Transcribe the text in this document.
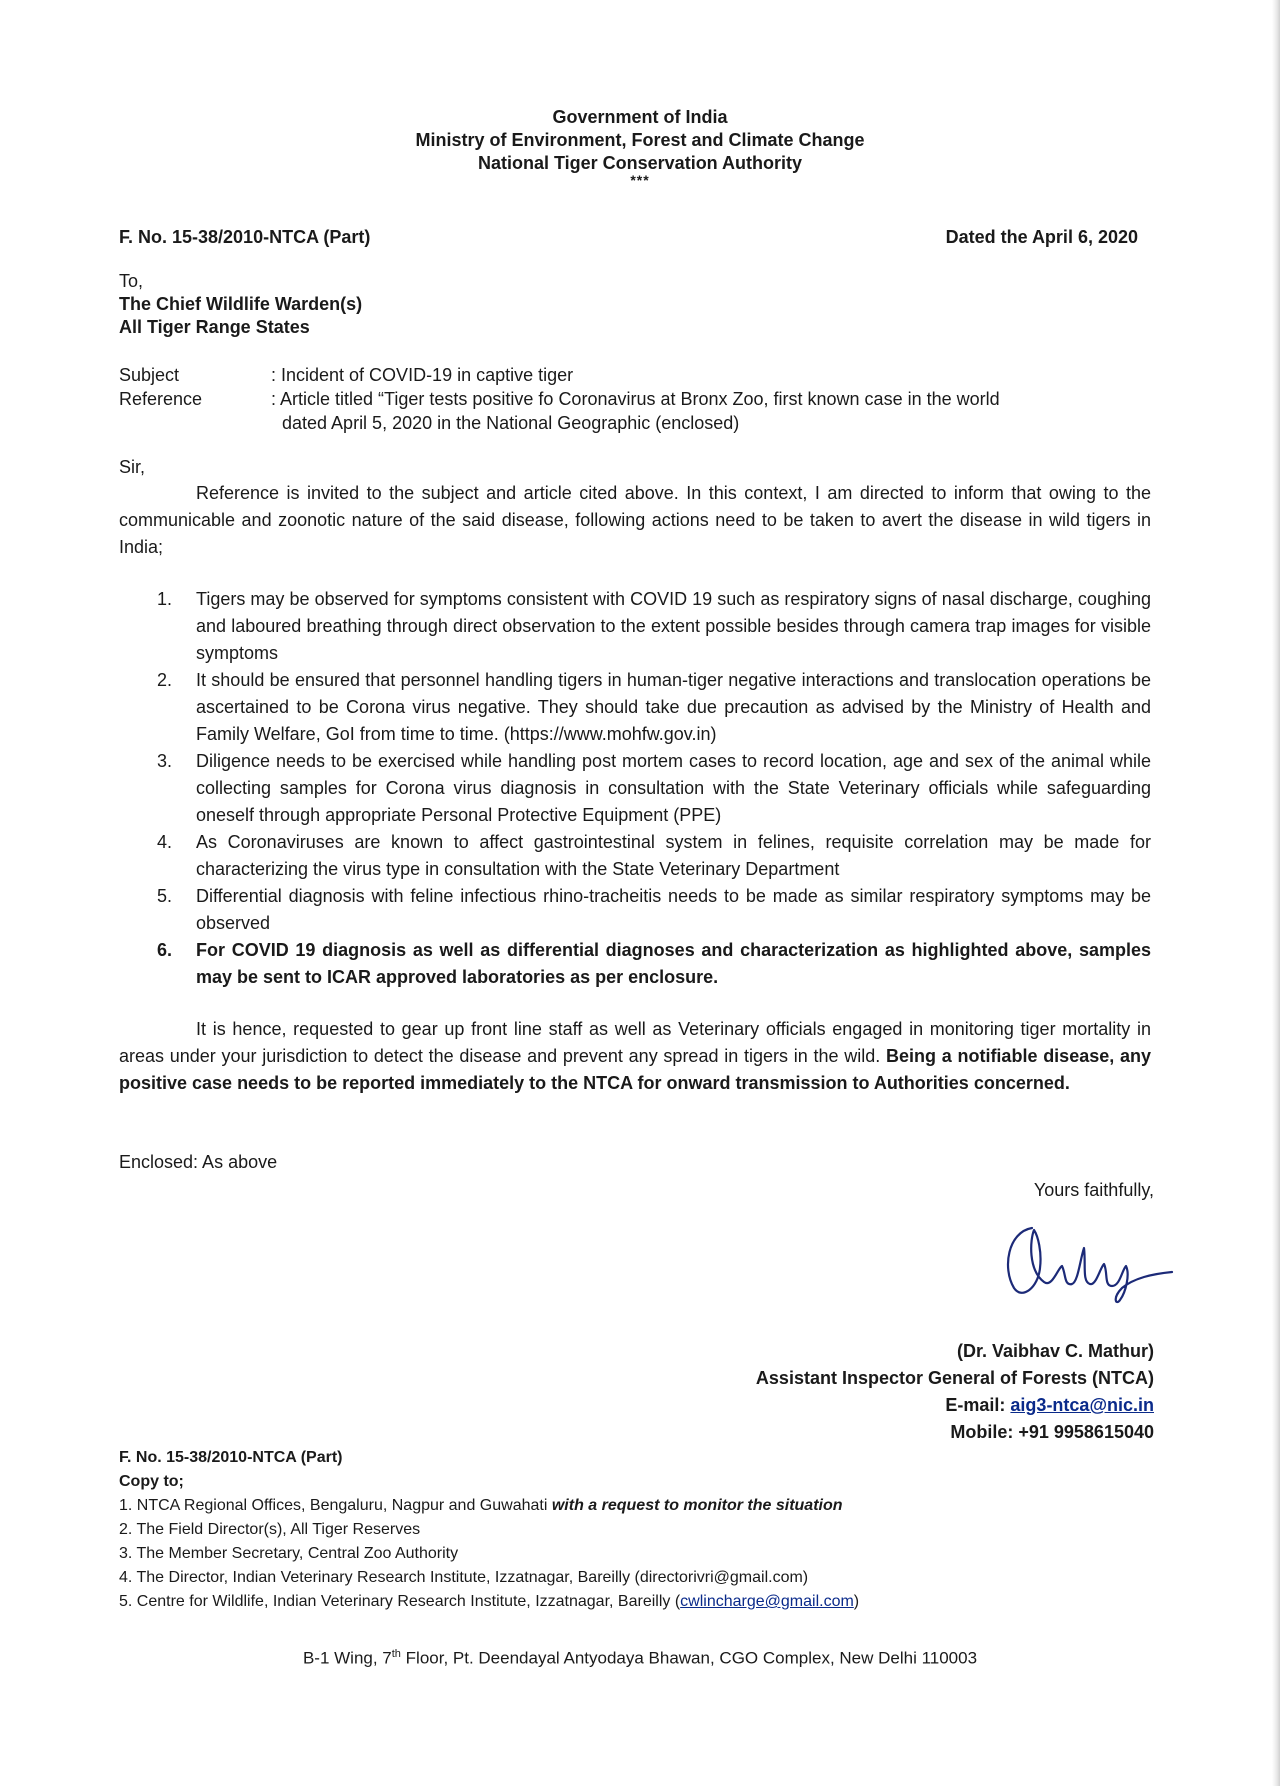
Government of India
Ministry of Environment, Forest and Climate Change
National Tiger Conservation Authority
***
F. No. 15-38/2010-NTCA (Part)	Dated the April 6, 2020
To,
The Chief Wildlife Warden(s)
All Tiger Range States
Subject	: Incident of COVID-19 in captive tiger
Reference	: Article titled “Tiger tests positive fo Coronavirus at Bronx Zoo, first known case in the world
dated April 5, 2020 in the National Geographic (enclosed)
Sir,
Reference is invited to the subject and article cited above. In this context, I am directed to inform that owing to the communicable and zoonotic nature of the said disease, following actions need to be taken to avert the disease in wild tigers in India;
1. Tigers may be observed for symptoms consistent with COVID 19 such as respiratory signs of nasal discharge, coughing and laboured breathing through direct observation to the extent possible besides through camera trap images for visible symptoms
2. It should be ensured that personnel handling tigers in human-tiger negative interactions and translocation operations be ascertained to be Corona virus negative. They should take due precaution as advised by the Ministry of Health and Family Welfare, GoI from time to time. (https://www.mohfw.gov.in)
3. Diligence needs to be exercised while handling post mortem cases to record location, age and sex of the animal while collecting samples for Corona virus diagnosis in consultation with the State Veterinary officials while safeguarding oneself through appropriate Personal Protective Equipment (PPE)
4. As Coronaviruses are known to affect gastrointestinal system in felines, requisite correlation may be made for characterizing the virus type in consultation with the State Veterinary Department
5. Differential diagnosis with feline infectious rhino-tracheitis needs to be made as similar respiratory symptoms may be observed
6. For COVID 19 diagnosis as well as differential diagnoses and characterization as highlighted above, samples may be sent to ICAR approved laboratories as per enclosure.
It is hence, requested to gear up front line staff as well as Veterinary officials engaged in monitoring tiger mortality in areas under your jurisdiction to detect the disease and prevent any spread in tigers in the wild. Being a notifiable disease, any positive case needs to be reported immediately to the NTCA for onward transmission to Authorities concerned.
Enclosed: As above
Yours faithfully,
(Dr. Vaibhav C. Mathur)
Assistant Inspector General of Forests (NTCA)
E-mail: aig3-ntca@nic.in
Mobile: +91 9958615040
F. No. 15-38/2010-NTCA (Part)
Copy to;
1. NTCA Regional Offices, Bengaluru, Nagpur and Guwahati with a request to monitor the situation
2. The Field Director(s), All Tiger Reserves
3. The Member Secretary, Central Zoo Authority
4. The Director, Indian Veterinary Research Institute, Izzatnagar, Bareilly (directorivri@gmail.com)
5. Centre for Wildlife, Indian Veterinary Research Institute, Izzatnagar, Bareilly (cwlincharge@gmail.com)
B-1 Wing, 7th Floor, Pt. Deendayal Antyodaya Bhawan, CGO Complex, New Delhi 110003
